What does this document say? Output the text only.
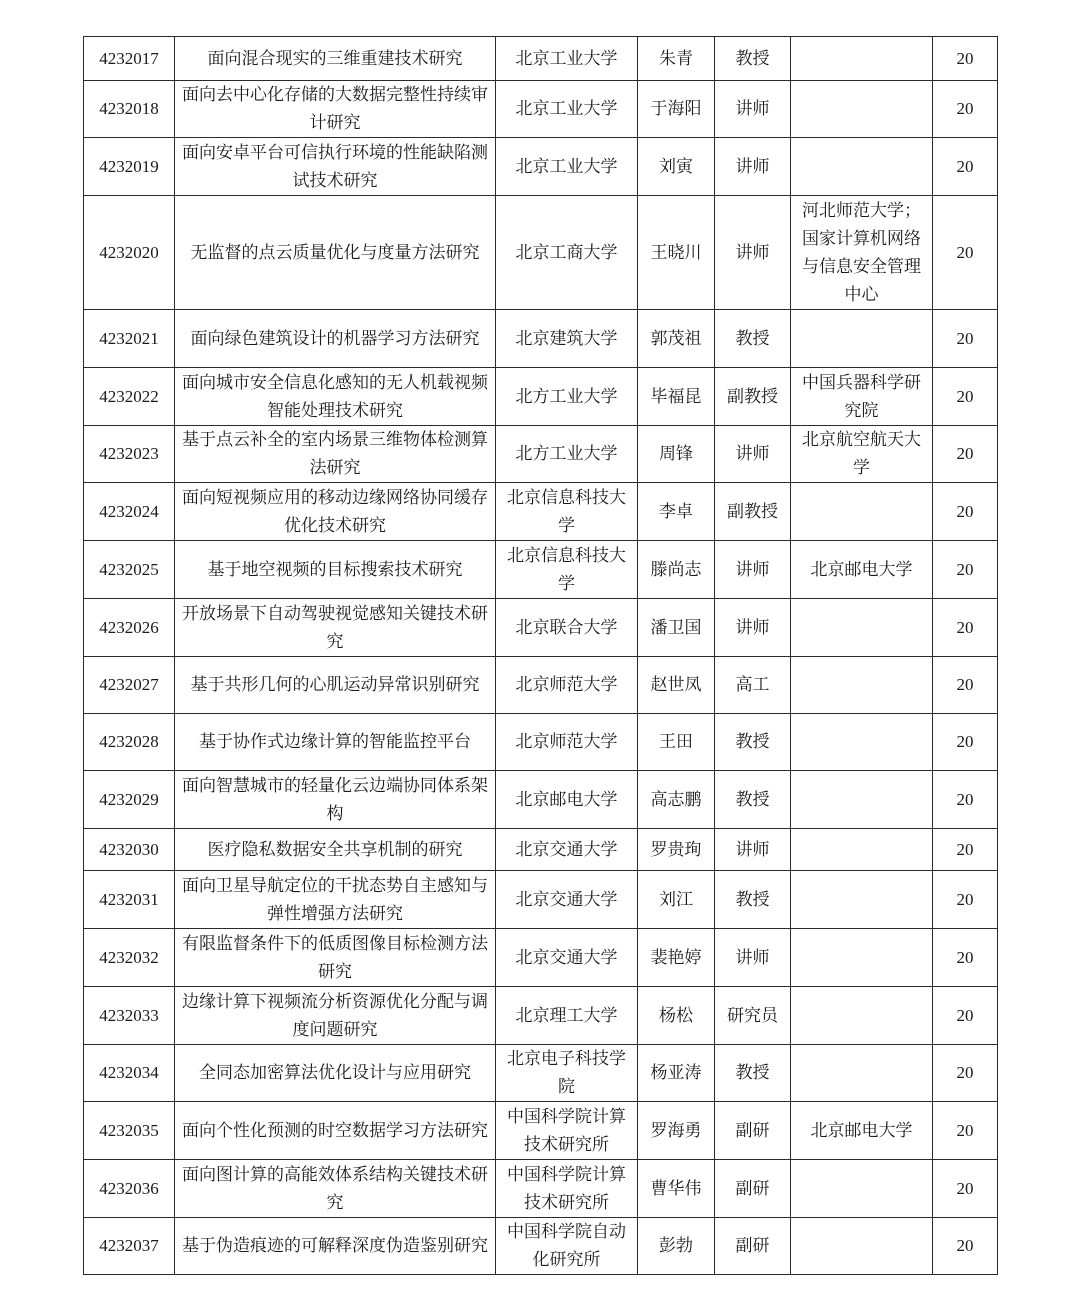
4232017	面向混合现实的三维重建技术研究	北京工业大学	朱青	教授		20
4232018	面向去中心化存储的大数据完整性持续审计研究	北京工业大学	于海阳	讲师		20
4232019	面向安卓平台可信执行环境的性能缺陷测试技术研究	北京工业大学	刘寅	讲师		20
4232020	无监督的点云质量优化与度量方法研究	北京工商大学	王晓川	讲师	河北师范大学；国家计算机网络与信息安全管理中心	20
4232021	面向绿色建筑设计的机器学习方法研究	北京建筑大学	郭茂祖	教授		20
4232022	面向城市安全信息化感知的无人机载视频智能处理技术研究	北方工业大学	毕福昆	副教授	中国兵器科学研究院	20
4232023	基于点云补全的室内场景三维物体检测算法研究	北方工业大学	周锋	讲师	北京航空航天大学	20
4232024	面向短视频应用的移动边缘网络协同缓存优化技术研究	北京信息科技大学	李卓	副教授		20
4232025	基于地空视频的目标搜索技术研究	北京信息科技大学	滕尚志	讲师	北京邮电大学	20
4232026	开放场景下自动驾驶视觉感知关键技术研究	北京联合大学	潘卫国	讲师		20
4232027	基于共形几何的心肌运动异常识别研究	北京师范大学	赵世凤	高工		20
4232028	基于协作式边缘计算的智能监控平台	北京师范大学	王田	教授		20
4232029	面向智慧城市的轻量化云边端协同体系架构	北京邮电大学	高志鹏	教授		20
4232030	医疗隐私数据安全共享机制的研究	北京交通大学	罗贵珣	讲师		20
4232031	面向卫星导航定位的干扰态势自主感知与弹性增强方法研究	北京交通大学	刘江	教授		20
4232032	有限监督条件下的低质图像目标检测方法研究	北京交通大学	裴艳婷	讲师		20
4232033	边缘计算下视频流分析资源优化分配与调度问题研究	北京理工大学	杨松	研究员		20
4232034	全同态加密算法优化设计与应用研究	北京电子科技学院	杨亚涛	教授		20
4232035	面向个性化预测的时空数据学习方法研究	中国科学院计算技术研究所	罗海勇	副研	北京邮电大学	20
4232036	面向图计算的高能效体系结构关键技术研究	中国科学院计算技术研究所	曹华伟	副研		20
4232037	基于伪造痕迹的可解释深度伪造鉴别研究	中国科学院自动化研究所	彭勃	副研		20
